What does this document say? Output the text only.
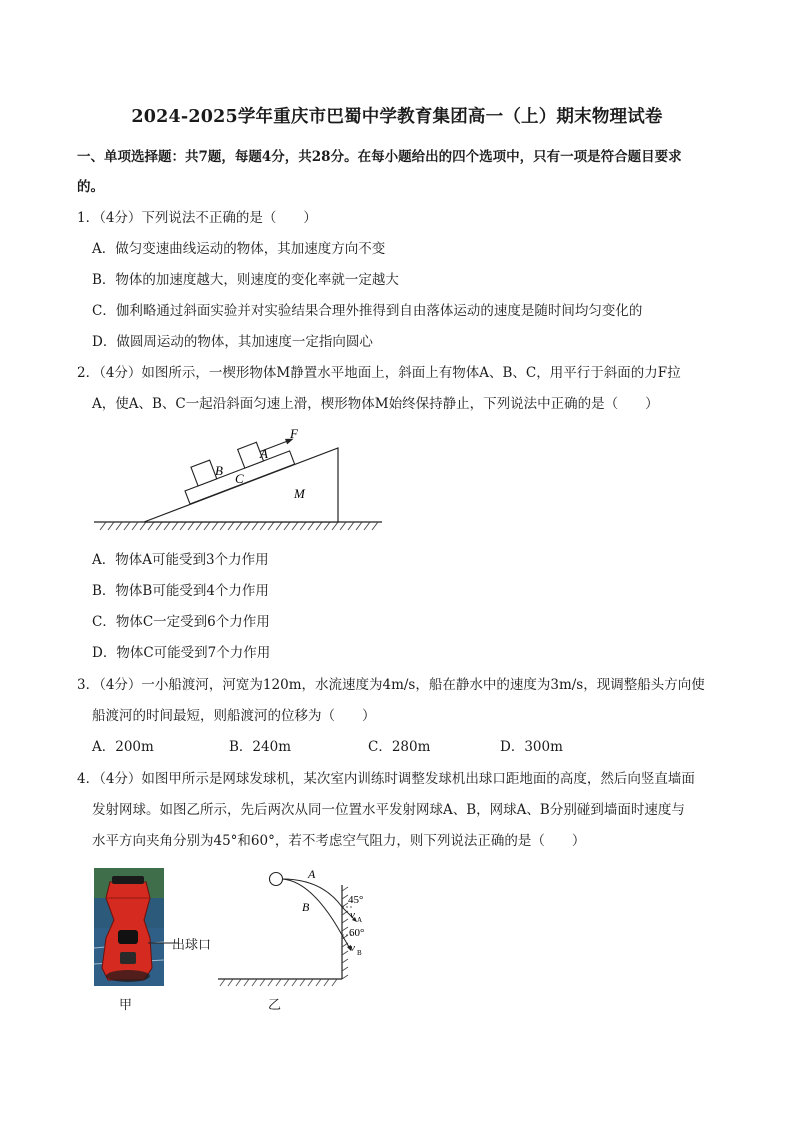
2024-2025学年重庆市巴蜀中学教育集团高一（上）期末物理试卷
一、单项选择题：共7题，每题4分，共28分。在每小题给出的四个选项中，只有一项是符合题目要求
的。
1．（4分）下列说法不正确的是（　　）
A．做匀变速曲线运动的物体，其加速度方向不变
B．物体的加速度越大，则速度的变化率就一定越大
C．伽利略通过斜面实验并对实验结果合理外推得到自由落体运动的速度是随时间均匀变化的
D．做圆周运动的物体，其加速度一定指向圆心
2．（4分）如图所示，一楔形物体M静置水平地面上，斜面上有物体A、B、C，用平行于斜面的力F拉
A，使A、B、C一起沿斜面匀速上滑，楔形物体M始终保持静止，下列说法中正确的是（　　）
B
A
F
C
M
A．物体A可能受到3个力作用
B．物体B可能受到4个力作用
C．物体C一定受到6个力作用
D．物体C可能受到7个力作用
3．（4分）一小船渡河，河宽为120m，水流速度为4m/s，船在静水中的速度为3m/s，现调整船头方向使
船渡河的时间最短，则船渡河的位移为（　　）
A．200m	B．240m	C．280m	D．300m
4．（4分）如图甲所示是网球发球机，某次室内训练时调整发球机出球口距地面的高度，然后向竖直墙面
发射网球。如图乙所示，先后两次从同一位置水平发射网球A、B，网球A、B分别碰到墙面时速度与
水平方向夹角分别为45°和60°，若不考虑空气阻力，则下列说法正确的是（　　）
出球口
甲
A
B	45°
60°
v A
v B
乙
